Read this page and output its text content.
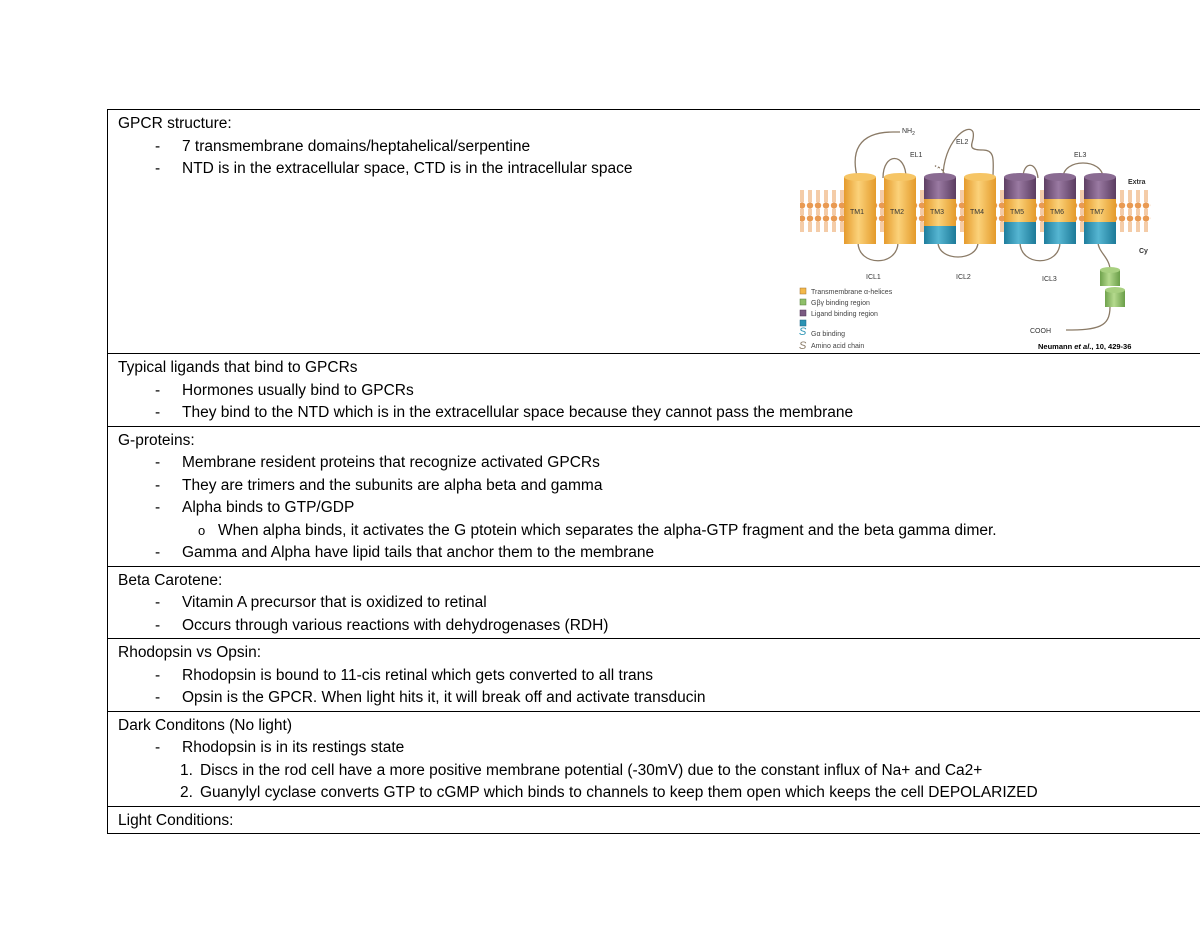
GPCR structure:
- 7 transmembrane domains/heptahelical/serpentine
- NTD is in the extracellular space, CTD is in the intracellular space
$NH_2$
EL1
EL2
EL3
Extra
Cy
TM1	TM2	TM3	TM4	TM5	TM6	TM7
ICL1	ICL2	ICL3
COOH
Transmembrane α-helices
Gβγ binding region
Ligand binding region
Gα binding
S
S Amino acid chain	Neumann et al., 10, 429-36
Typical ligands that bind to GPCRs
- Hormones usually bind to GPCRs
- They bind to the NTD which is in the extracellular space because they cannot pass the membrane
G-proteins:
- Membrane resident proteins that recognize activated GPCRs
- They are trimers and the subunits are alpha beta and gamma
- Alpha binds to GTP/GDP
o When alpha binds, it activates the G ptotein which separates the alpha-GTP fragment and the beta gamma dimer.
- Gamma and Alpha have lipid tails that anchor them to the membrane
Beta Carotene:
- Vitamin A precursor that is oxidized to retinal
- Occurs through various reactions with dehydrogenases (RDH)
Rhodopsin vs Opsin:
- Rhodopsin is bound to 11-cis retinal which gets converted to all trans
- Opsin is the GPCR. When light hits it, it will break off and activate transducin
Dark Conditons (No light)
- Rhodopsin is in its restings state
1. Discs in the rod cell have a more positive membrane potential (-30mV) due to the constant influx of Na+ and Ca2+
2. Guanylyl cyclase converts GTP to cGMP which binds to channels to keep them open which keeps the cell DEPOLARIZED
Light Conditions:
